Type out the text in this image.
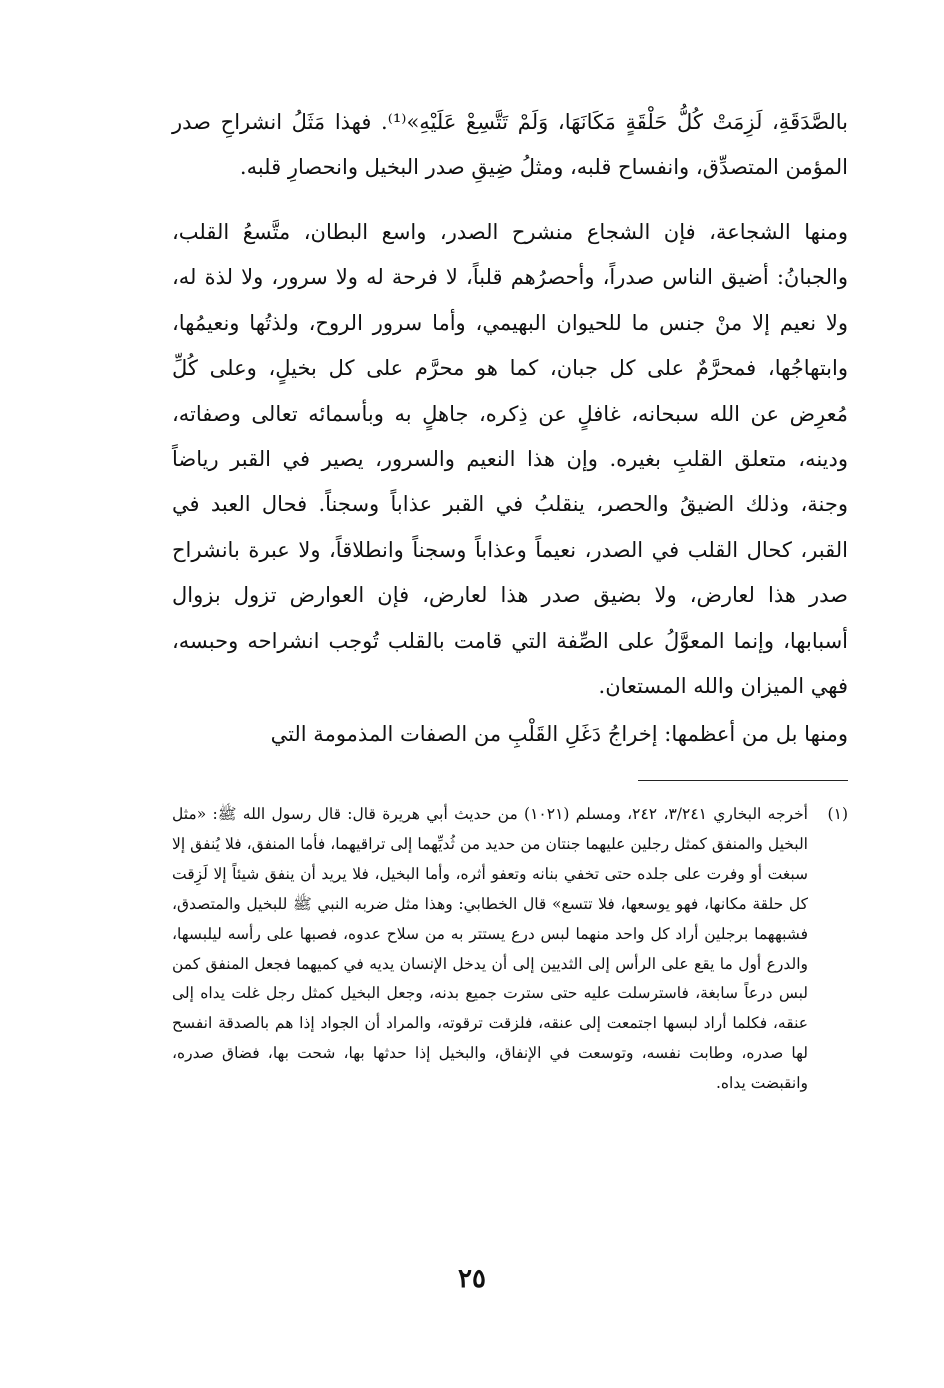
بالصَّدَقَةِ، لَزِمَتْ كُلُّ حَلْقَةٍ مَكَانَهَا، وَلَمْ تَتَّسِعْ عَلَيْهِ»⁽¹⁾. فهذا مَثَلُ انشراحِ صدر المؤمن المتصدِّق، وانفساح قلبه، ومثلُ ضِيقِ صدر البخيل وانحصارِ قلبه.

ومنها الشجاعة، فإن الشجاع منشرح الصدر، واسع البطان، متَّسعُ القلب، والجبانُ: أضيق الناس صدراً، وأحصرُهم قلباً، لا فرحة له ولا سرور، ولا لذة له، ولا نعيم إلا منْ جنس ما للحيوان البهيمي، وأما سرور الروح، ولذتُها ونعيمُها، وابتهاجُها، فمحرَّمٌ على كل جبان، كما هو محرَّم على كل بخيلٍ، وعلى كُلِّ مُعرِض عن الله سبحانه، غافلٍ عن ذِكره، جاهلٍ به وبأسمائه تعالى وصفاته، ودينه، متعلق القلبِ بغيره. وإن هذا النعيم والسرور، يصير في القبر رياضاً وجنة، وذلك الضيقُ والحصر، ينقلبُ في القبر عذاباً وسجناً. فحال العبد في القبر، كحال القلب في الصدر، نعيماً وعذاباً وسجناً وانطلاقاً، ولا عبرة بانشراح صدر هذا لعارض، ولا بضيق صدر هذا لعارض، فإن العوارض تزول بزوال أسبابها، وإنما المعوَّلُ على الصِّفة التي قامت بالقلب تُوجب انشراحه وحبسه، فهي الميزان والله المستعان.

ومنها بل من أعظمها: إخراجُ دَغَلِ القَلْبِ من الصفات المذمومة التي

(١)

أخرجه البخاري ٣/٢٤١، ٢٤٢، ومسلم (١٠٢١) من حديث أبي هريرة قال: قال رسول الله ﷺ: «مثل البخيل والمنفق كمثل رجلين عليهما جنتان من حديد من ثُديِّهما إلى تراقيهما، فأما المنفق، فلا يُنفق إلا سبغت أو وفرت على جلده حتى تخفي بنانه وتعفو أثره، وأما البخيل، فلا يريد أن ينفق شيئاً إلا لَزِقت كل حلقة مكانها، فهو يوسعها، فلا تتسع» قال الخطابي: وهذا مثل ضربه النبي ﷺ للبخيل والمتصدق، فشبههما برجلين أراد كل واحد منهما لبس درع يستتر به من سلاح عدوه، فصبها على رأسه ليلبسها، والدرع أول ما يقع على الرأس إلى الثديين إلى أن يدخل الإنسان يديه في كميهما فجعل المنفق كمن لبس درعاً سابغة، فاسترسلت عليه حتى سترت جميع بدنه، وجعل البخيل كمثل رجل غلت يداه إلى عنقه، فكلما أراد لبسها اجتمعت إلى عنقه، فلزقت ترقوته، والمراد أن الجواد إذا هم بالصدقة انفسح لها صدره، وطابت نفسه، وتوسعت في الإنفاق، والبخيل إذا حدثها بها، شحت بها، فضاق صدره، وانقبضت يداه.

٢٥
